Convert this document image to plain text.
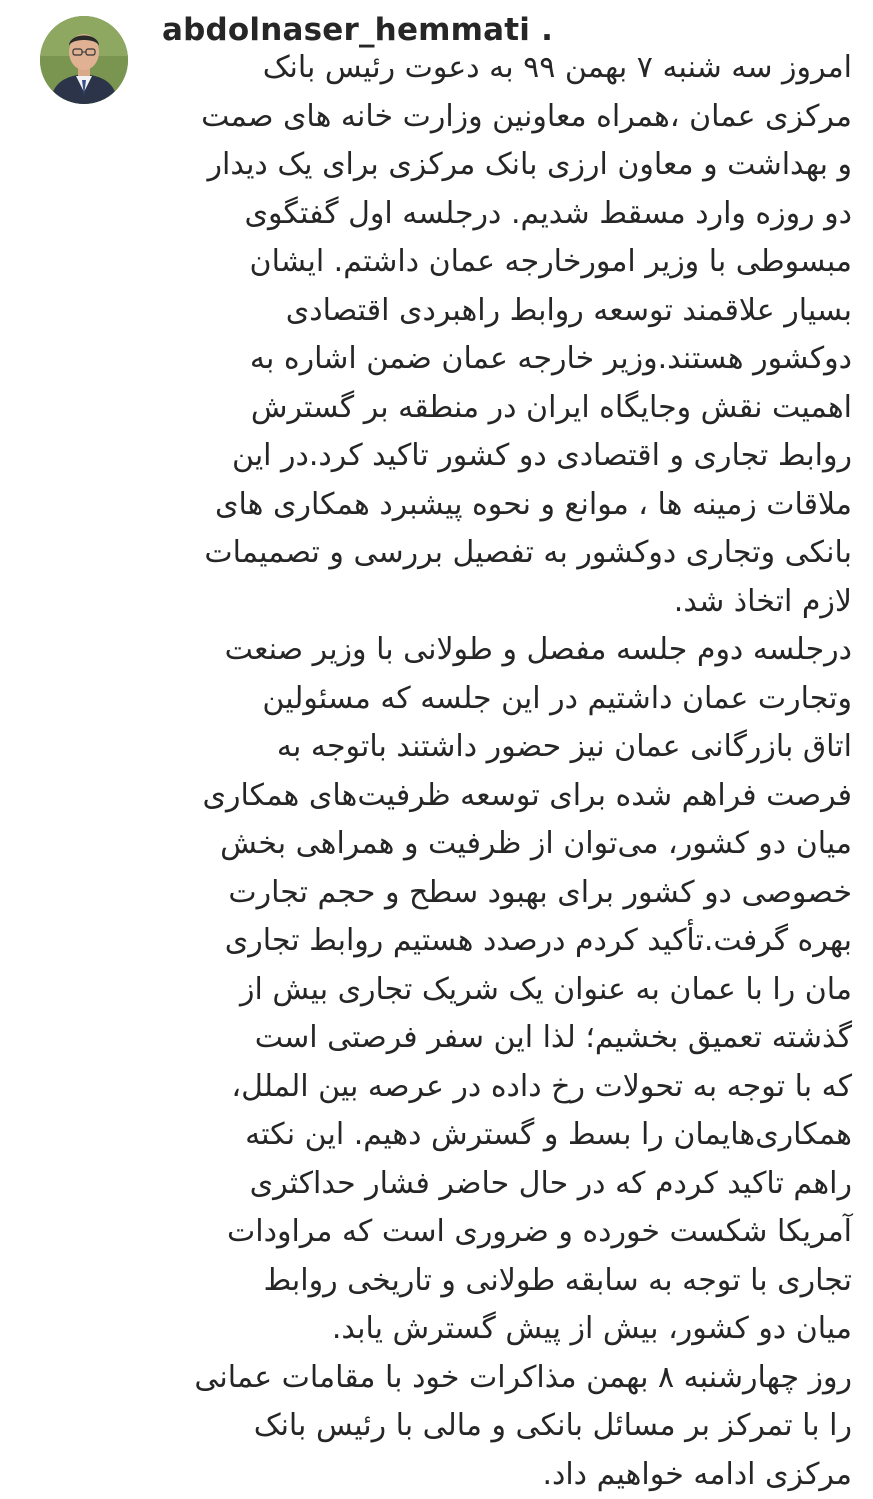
abdolnaser_hemmati .
امروز سه شنبه ۷ بهمن ۹۹ به دعوت رئیس بانک
مرکزی عمان ،همراه معاونین وزارت خانه های صمت
و بهداشت و معاون ارزی بانک مرکزی برای یک دیدار
دو روزه وارد مسقط شدیم. درجلسه اول گفتگوی
مبسوطی با وزیر امورخارجه عمان داشتم. ایشان
بسیار علاقمند توسعه روابط راهبردی اقتصادی
دوکشور هستند.وزیر خارجه عمان ضمن اشاره به
اهمیت نقش وجایگاه ایران در منطقه بر گسترش
روابط تجاری و اقتصادی دو کشور تاکید کرد.در این
ملاقات زمینه ها ، موانع و نحوه پیشبرد همکاری های
بانکی وتجاری دوکشور به تفصیل بررسی و تصمیمات
لازم اتخاذ شد.
درجلسه دوم جلسه مفصل و طولانی با وزیر صنعت
وتجارت عمان داشتیم در این جلسه که مسئولین
اتاق بازرگانی عمان نیز حضور داشتند باتوجه به
فرصت فراهم شده برای توسعه ظرفیت‌های همکاری
میان دو کشور، می‌توان از ظرفیت و همراهی بخش
خصوصی دو کشور برای بهبود سطح و حجم تجارت
بهره گرفت.تأکید کردم درصدد هستیم روابط تجاری
مان را با عمان به عنوان یک شریک تجاری بیش از
گذشته تعمیق بخشیم؛ لذا این سفر فرصتی است
که با توجه به تحولات رخ داده در عرصه بین الملل،
همکاری‌هایمان را بسط و گسترش دهیم. این نکته
راهم تاکید کردم که در حال حاضر فشار حداکثری
آمریکا شکست خورده و ضروری است که مراودات
تجاری با توجه به سابقه طولانی و تاریخی روابط
میان دو کشور، بیش از پیش گسترش یابد.
روز چهارشنبه ۸ بهمن مذاکرات خود با مقامات عمانی
را با تمرکز بر مسائل بانکی و مالی با رئیس بانک
مرکزی ادامه خواهیم داد.
